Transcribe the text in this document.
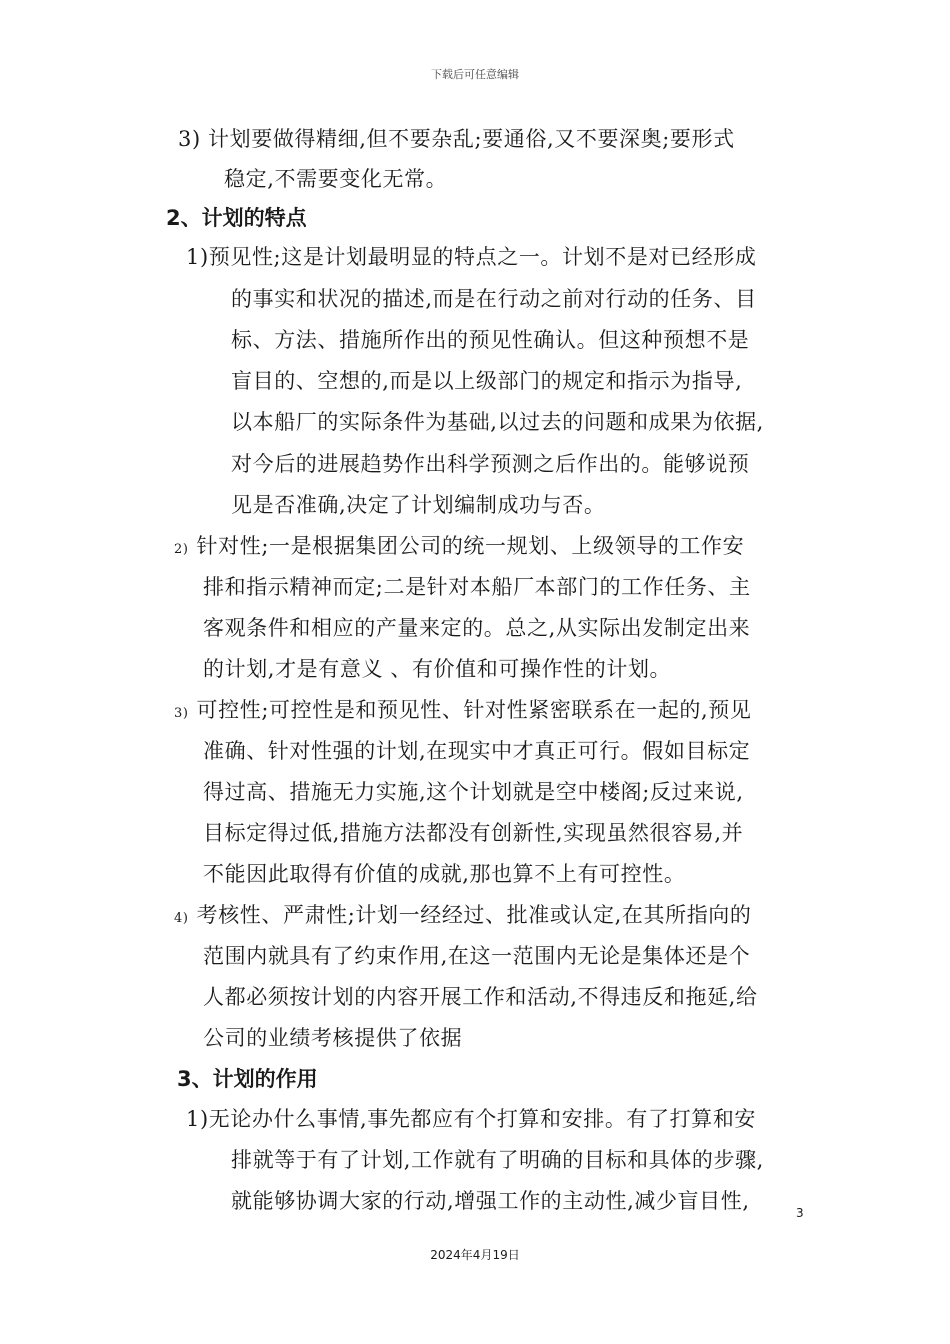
下载后可任意编辑
3) 计划要做得精细,但不要杂乱;要通俗,又不要深奥;要形式
稳定,不需要变化无常。
2、计划的特点
1)预见性;这是计划最明显的特点之一。计划不是对已经形成
的事实和状况的描述,而是在行动之前对行动的任务、目
标、方法、措施所作出的预见性确认。但这种预想不是
盲目的、空想的,而是以上级部门的规定和指示为指导,
以本船厂的实际条件为基础,以过去的问题和成果为依据,
对今后的进展趋势作出科学预测之后作出的。能够说预
见是否准确,决定了计划编制成功与否。
2) 针对性;一是根据集团公司的统一规划、上级领导的工作安
排和指示精神而定;二是针对本船厂本部门的工作任务、主
客观条件和相应的产量来定的。总之,从实际出发制定出来
的计划,才是有意义 、有价值和可操作性的计划。
3) 可控性;可控性是和预见性、针对性紧密联系在一起的,预见
准确、针对性强的计划,在现实中才真正可行。假如目标定
得过高、措施无力实施,这个计划就是空中楼阁;反过来说,
目标定得过低,措施方法都没有创新性,实现虽然很容易,并
不能因此取得有价值的成就,那也算不上有可控性。
4) 考核性、严肃性;计划一经经过、批准或认定,在其所指向的
范围内就具有了约束作用,在这一范围内无论是集体还是个
人都必须按计划的内容开展工作和活动,不得违反和拖延,给
公司的业绩考核提供了依据
3、计划的作用
1)无论办什么事情,事先都应有个打算和安排。有了打算和安
排就等于有了计划,工作就有了明确的目标和具体的步骤,
就能够协调大家的行动,增强工作的主动性,减少盲目性,	3
2024年4月19日
